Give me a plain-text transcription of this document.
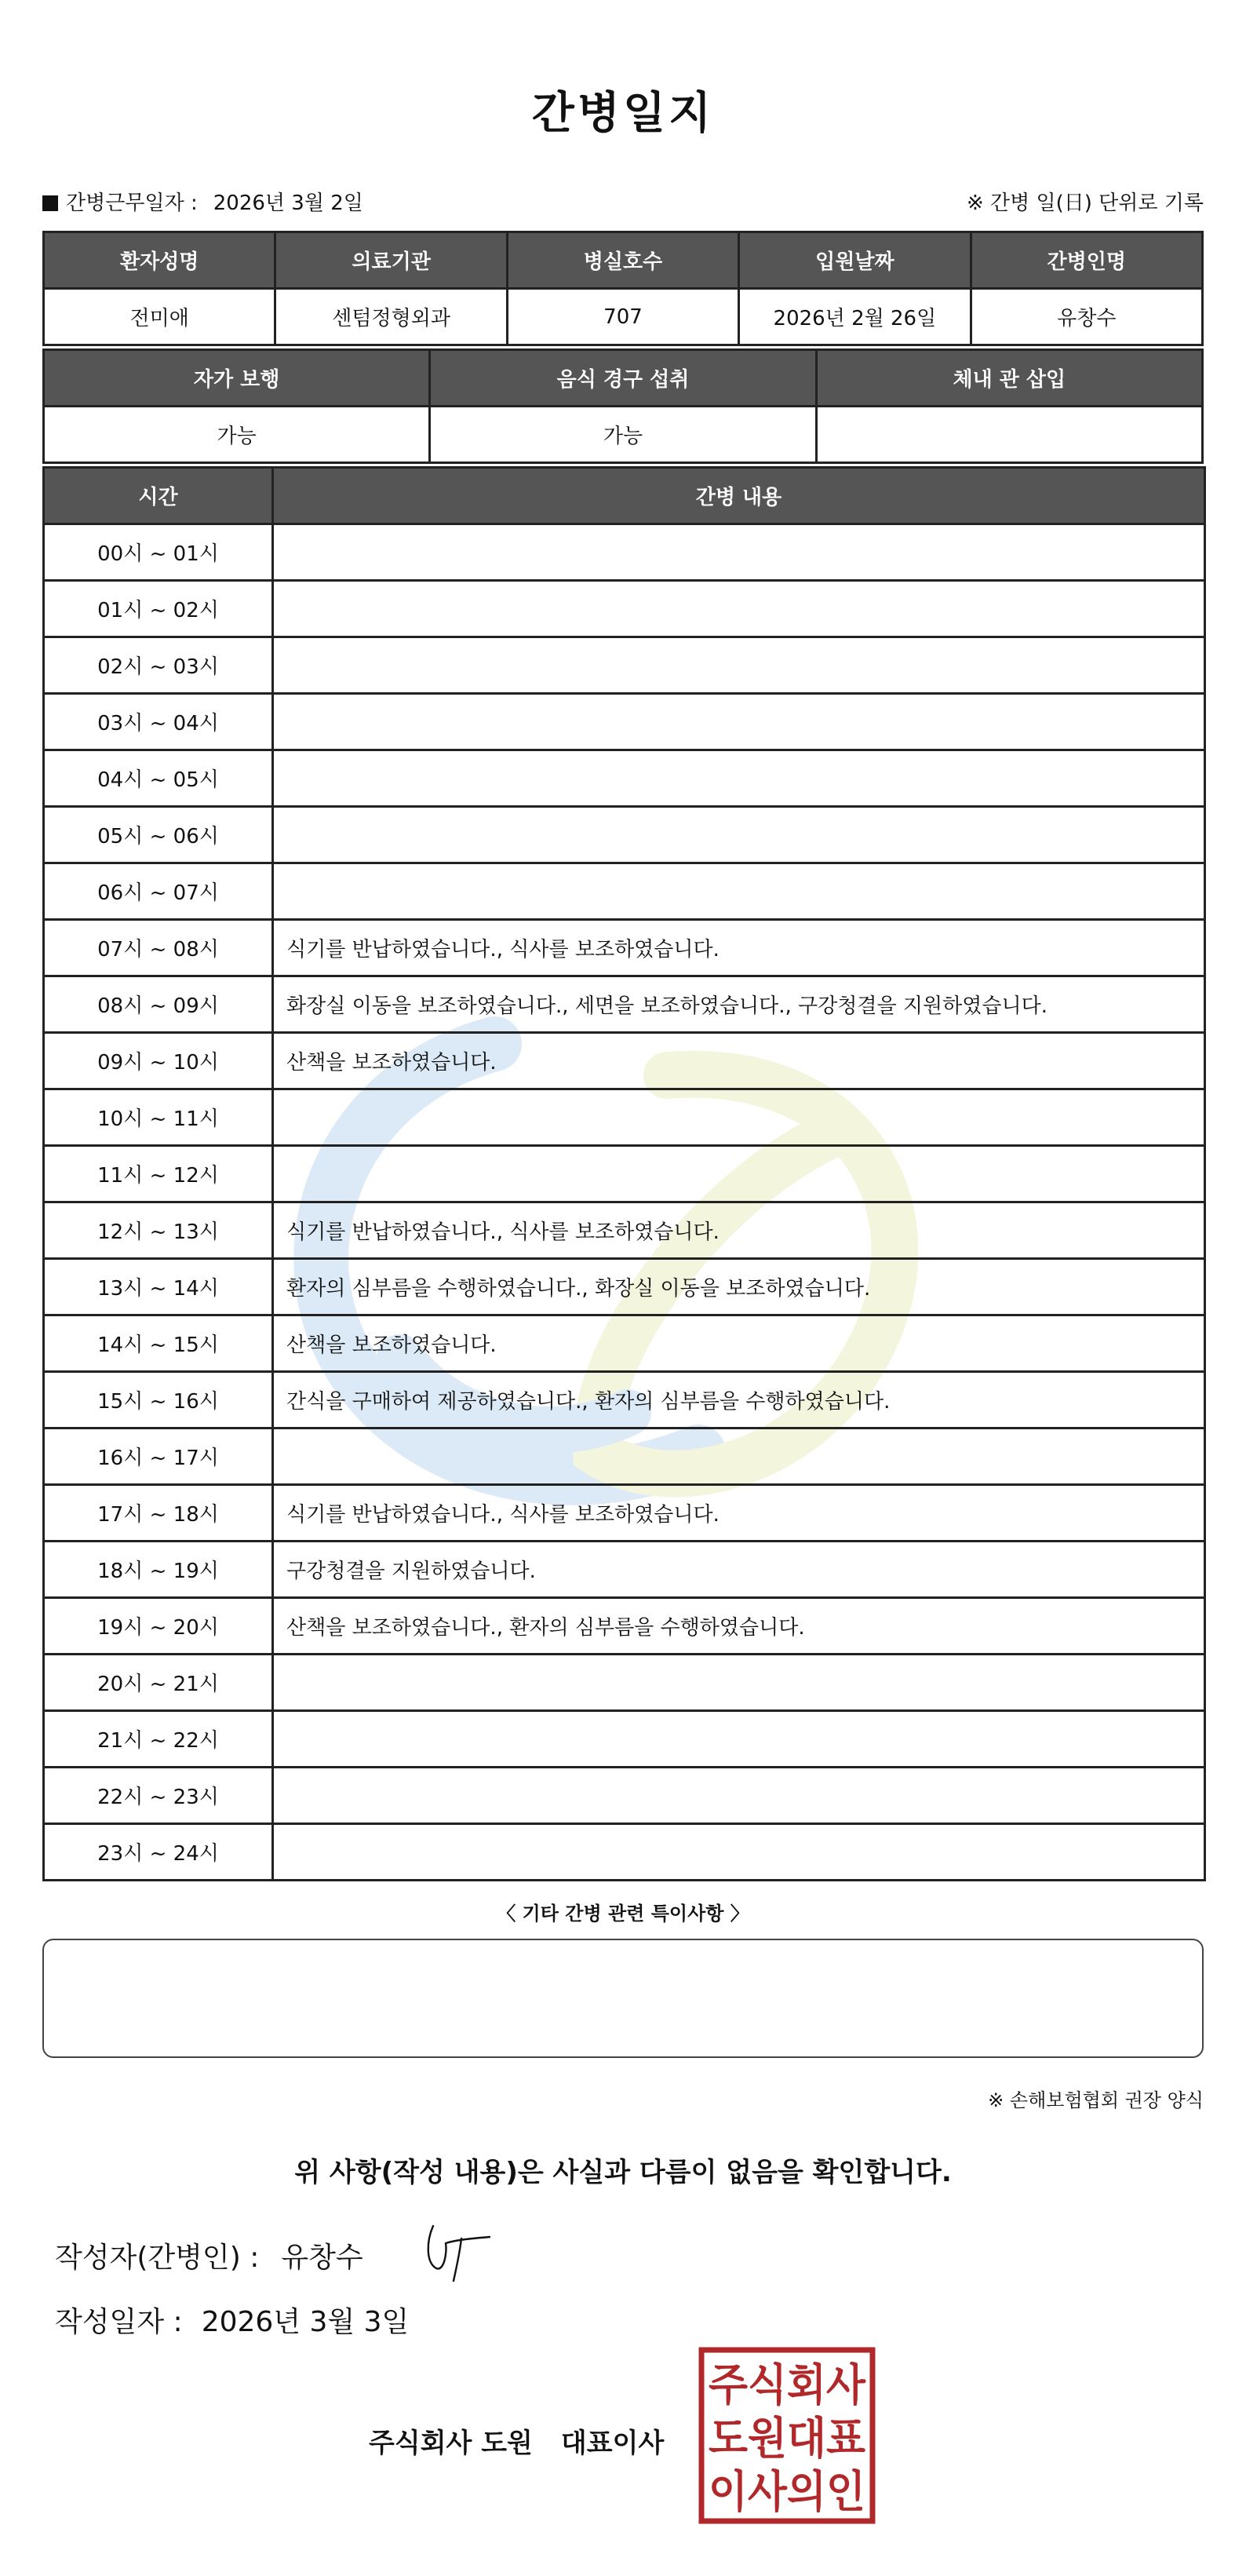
간병일지
간병근무일자 : 2026년 3월 2일	※ 간병 일(日) 단위로 기록
환자성명	의료기관	병실호수	입원날짜	간병인명
전미애	센텀정형외과	707	2026년 2월 26일	유창수
자가 보행	음식 경구 섭취	체내 관 삽입
가능	가능	
시간	간병 내용
00시 ~ 01시	
01시 ~ 02시	
02시 ~ 03시	
03시 ~ 04시	
04시 ~ 05시	
05시 ~ 06시	
06시 ~ 07시	
07시 ~ 08시	식기를 반납하였습니다., 식사를 보조하였습니다.
08시 ~ 09시	화장실 이동을 보조하였습니다., 세면을 보조하였습니다., 구강청결을 지원하였습니다.
09시 ~ 10시	산책을 보조하였습니다.
10시 ~ 11시	
11시 ~ 12시	
12시 ~ 13시	식기를 반납하였습니다., 식사를 보조하였습니다.
13시 ~ 14시	환자의 심부름을 수행하였습니다., 화장실 이동을 보조하였습니다.
14시 ~ 15시	산책을 보조하였습니다.
15시 ~ 16시	간식을 구매하여 제공하였습니다., 환자의 심부름을 수행하였습니다.
16시 ~ 17시	
17시 ~ 18시	식기를 반납하였습니다., 식사를 보조하였습니다.
18시 ~ 19시	구강청결을 지원하였습니다.
19시 ~ 20시	산책을 보조하였습니다., 환자의 심부름을 수행하였습니다.
20시 ~ 21시	
21시 ~ 22시	
22시 ~ 23시	
23시 ~ 24시	
〈 기타 간병 관련 특이사항 〉
※ 손해보험협회 권장 양식
위 사항(작성 내용)은 사실과 다름이 없음을 확인합니다.
작성자(간병인) : 유창수
작성일자 : 2026년 3월 3일
주식회사 도원 대표이사
주식회사
도원대표
이사의인
